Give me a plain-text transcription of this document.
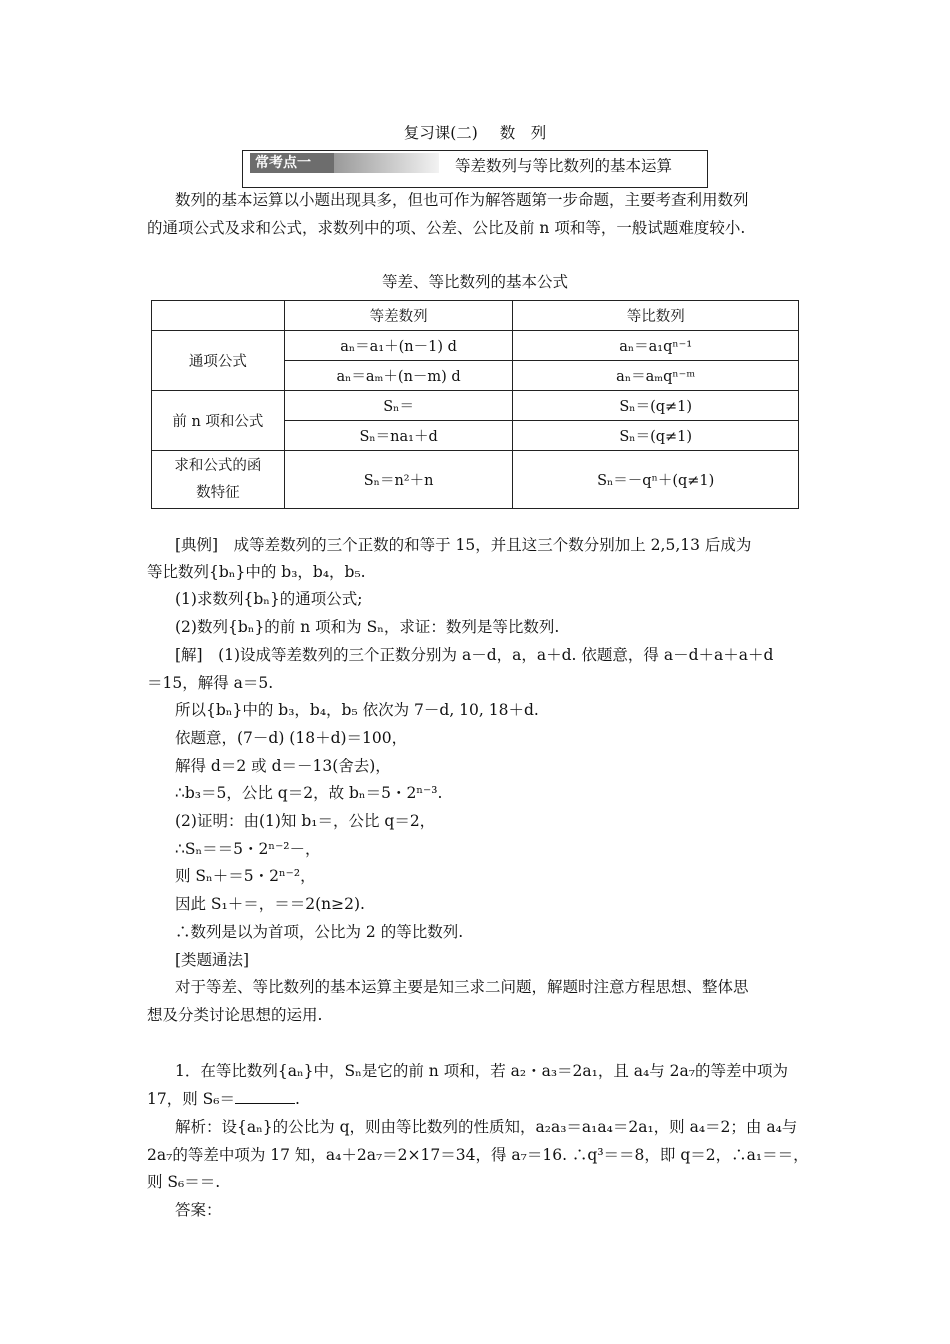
复习课(二) 数　列
常考点一	等差数列与等比数列的基本运算
数列的基本运算以小题出现具多，但也可作为解答题第一步命题，主要考查利用数列
的通项公式及求和公式，求数列中的项、公差、公比及前 n 项和等，一般试题难度较小.
等差、等比数列的基本公式
	等差数列	等比数列
通项公式	aₙ＝a₁＋(n－1) d	aₙ＝a₁qⁿ⁻¹
	aₙ＝aₘ＋(n－m) d	aₙ＝aₘqⁿ⁻ᵐ
前 n 项和公式	Sₙ＝	Sₙ＝(q≠1)
	Sₙ＝na₁＋d	Sₙ＝(q≠1)
求和公式的函
数特征	Sₙ＝n²＋n	Sₙ＝－qⁿ＋(q≠1)
[典例]　成等差数列的三个正数的和等于 15，并且这三个数分别加上 2,5,13 后成为
等比数列{bₙ}中的 b₃，b₄，b₅.
(1)求数列{bₙ}的通项公式;
(2)数列{bₙ}的前 n 项和为 Sₙ，求证：数列是等比数列.
[解]　(1)设成等差数列的三个正数分别为 a－d，a，a＋d. 依题意，得 a－d＋a＋a＋d
＝15，解得 a＝5.
所以{bₙ}中的 b₃，b₄，b₅ 依次为 7－d, 10, 18＋d.
依题意，(7－d) (18＋d)＝100，
解得 d＝2 或 d＝－13(舍去)，
∴b₃＝5，公比 q＝2，故 bₙ＝5・2ⁿ⁻³.
(2)证明：由(1)知 b₁＝，公比 q＝2，
∴Sₙ＝＝5・2ⁿ⁻²－，
则 Sₙ＋＝5・2ⁿ⁻²，
因此 S₁＋＝，＝＝2(n≥2).
∴数列是以为首项，公比为 2 的等比数列.
[类题通法]
对于等差、等比数列的基本运算主要是知三求二问题，解题时注意方程思想、整体思
想及分类讨论思想的运用.
1．在等比数列{aₙ}中，Sₙ是它的前 n 项和，若 a₂・a₃＝2a₁，且 a₄与 2a₇的等差中项为
17，则 S₆＝	.
解析：设{aₙ}的公比为 q，则由等比数列的性质知，a₂a₃＝a₁a₄＝2a₁，则 a₄＝2；由 a₄与
2a₇的等差中项为 17 知，a₄＋2a₇＝2×17＝34，得 a₇＝16. ∴q³＝＝8，即 q＝2，∴a₁＝＝，
则 S₆＝＝.
答案：
